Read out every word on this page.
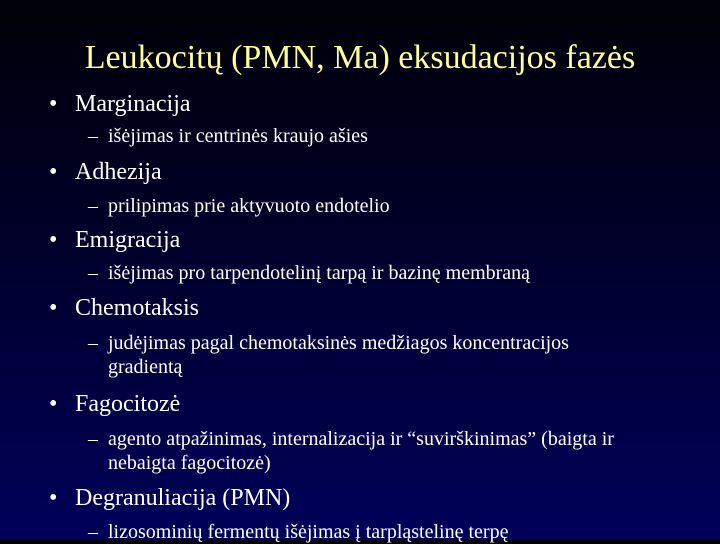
Leukocitų (PMN, Ma) eksudacijos fazės
• Marginacija
– išėjimas ir centrinės kraujo ašies
• Adhezija
– prilipimas prie aktyvuoto endotelio
• Emigracija
– išėjimas pro tarpendotelinį tarpą ir bazinę membraną
• Chemotaksis
– judėjimas pagal chemotaksinės medžiagos koncentracijos
gradientą
• Fagocitozė
– agento atpažinimas, internalizacija ir “suvirškinimas” (baigta ir
nebaigta fagocitozė)
• Degranuliacija (PMN)
– lizosominių fermentų išėjimas į tarpląstelinę terpę
